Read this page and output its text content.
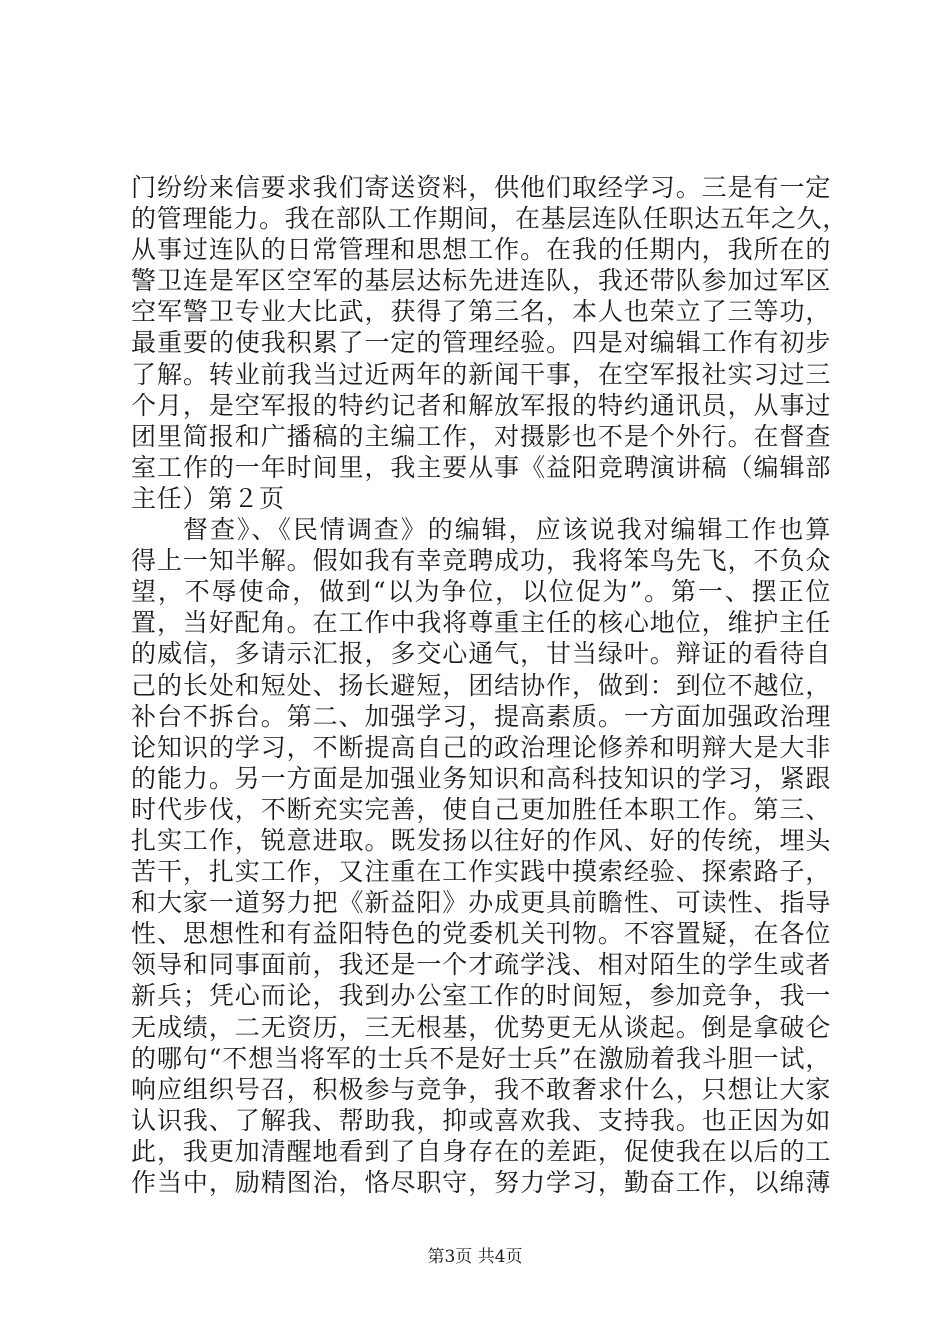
门纷纷来信要求我们寄送资料，供他们取经学习。三是有一定
的管理能力。我在部队工作期间，在基层连队任职达五年之久，
从事过连队的日常管理和思想工作。在我的任期内，我所在的
警卫连是军区空军的基层达标先进连队，我还带队参加过军区
空军警卫专业大比武，获得了第三名，本人也荣立了三等功，
最重要的使我积累了一定的管理经验。四是对编辑工作有初步
了解。转业前我当过近两年的新闻干事，在空军报社实习过三
个月，是空军报的特约记者和解放军报的特约通讯员，从事过
团里简报和广播稿的主编工作，对摄影也不是个外行。在督查
室工作的一年时间里，我主要从事《益阳竞聘演讲稿（编辑部
主任）第２页
督查》、《民情调查》的编辑，应该说我对编辑工作也算
得上一知半解。假如我有幸竞聘成功，我将笨鸟先飞，不负众
望，不辱使命，做到“以为争位，以位促为”。第一、摆正位
置，当好配角。在工作中我将尊重主任的核心地位，维护主任
的威信，多请示汇报，多交心通气，甘当绿叶。辩证的看待自
己的长处和短处、扬长避短，团结协作，做到：到位不越位，
补台不拆台。第二、加强学习，提高素质。一方面加强政治理
论知识的学习，不断提高自己的政治理论修养和明辩大是大非
的能力。另一方面是加强业务知识和高科技知识的学习，紧跟
时代步伐，不断充实完善，使自己更加胜任本职工作。第三、
扎实工作，锐意进取。既发扬以往好的作风、好的传统，埋头
苦干，扎实工作，又注重在工作实践中摸索经验、探索路子，
和大家一道努力把《新益阳》办成更具前瞻性、可读性、指导
性、思想性和有益阳特色的党委机关刊物。不容置疑，在各位
领导和同事面前，我还是一个才疏学浅、相对陌生的学生或者
新兵；凭心而论，我到办公室工作的时间短，参加竞争，我一
无成绩，二无资历，三无根基，优势更无从谈起。倒是拿破仑
的哪句“不想当将军的士兵不是好士兵”在激励着我斗胆一试，
响应组织号召，积极参与竞争，我不敢奢求什么，只想让大家
认识我、了解我、帮助我，抑或喜欢我、支持我。也正因为如
此，我更加清醒地看到了自身存在的差距，促使我在以后的工
作当中，励精图治，恪尽职守，努力学习，勤奋工作，以绵薄
第3页 共4页
